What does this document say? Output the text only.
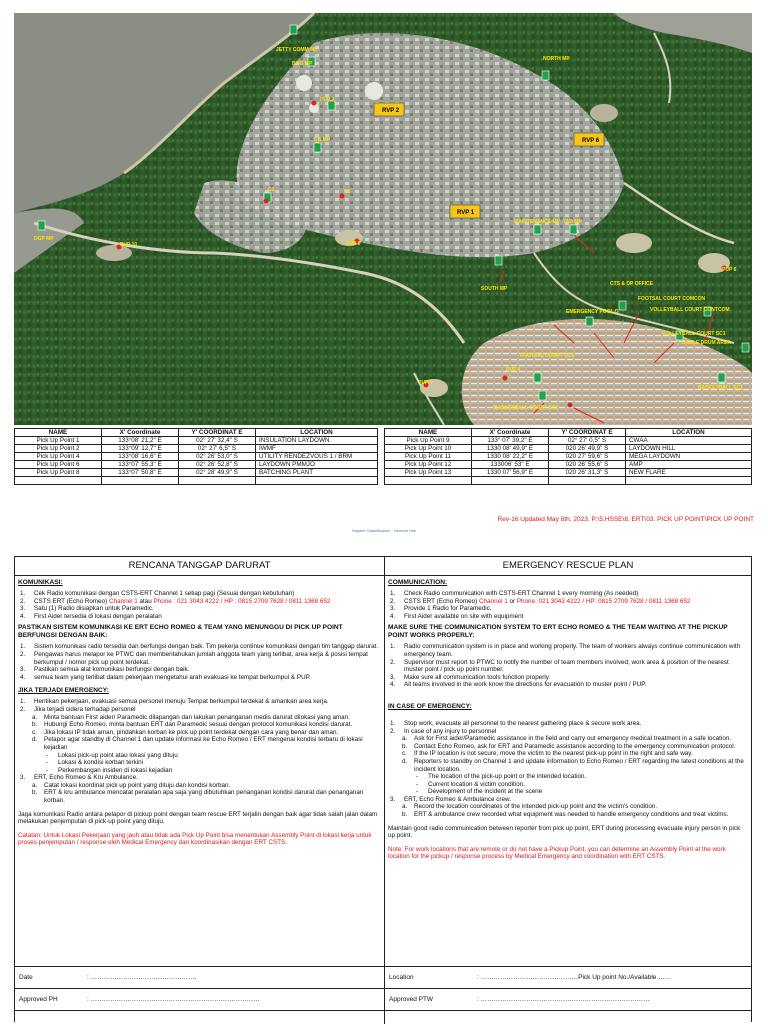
RVP 2
RVP 6
RVP 1
JETTY COMM MP
BOG MP
NORTH MP
PUP 2
CB MP
C1	C2
DGP MP
PUP 10	PUP 9
MAINTENANCE MP TAD MP
SOUTH MP
PUP 6
CTS & DP OFFICE
FOOTSAL COURT COMCON
VOLLEYBALL COURT CONTCOM
EMERGENCY POOL D
VOLLEYBALL COURT SC1
CABLE DRUM AREA
FOOTSAL COURT SC1
PUP 1
PUP 4
BASKETBALL COURT SC1
BASKETBALL SC1
NAME	X' Coordinate	Y' COORDINAT E	LOCATION
Pick Up Point 1	133°08' 21,2" E	02° 27' 32,4" S	INSULATION LAYDOWN
Pick Up Point 2	133°09' 12,7" E	02° 27' 6,5" S	IWMF
Pick Up Point 4	133°08' 16,6" E	02° 26' 53,0" S	UTILITY RENDEZVOUS 1 / BRM
Pick Up Point 6	133°07' 55,3" E	02° 26' 52,8" S	LAYDOWN PMMJO
Pick Up Point 8	133°07' 50,8" E	02° 28' 49,9" S	BATCHING PLANT

NAME	X' Coordinate	Y' COORDINAT E	LOCATION
Pick Up Point 9	133° 07' 39,2" E	02° 27' 0,5" S	CWAA
Pick Up Point 10	1330 08' 49,9" E	020 26' 49,9" S	LAYDOWN HILL
Pick Up Point 11	1330 08' 22,2" E	020 27' 59,6" S	MEGA LAYDOWN
Pick Up Point 12	133006' 53" E	020 26' 55,6" S	AMP
Pick Up Point 13	1330 07' 56,9" E	020 26' 31,3" S	NEW FLARE

Rev-16 Updated May 6th, 2023. P:\5.HSSE\8. ERT\03. PICK UP POINT\PICK UP POINT
Saipem Classification - General Use
RENCANA TANGGAP DARURAT
KOMUNIKASI:
1.	Cek Radio komunikasi dengan CSTS-ERT Channel 1 setiap pagi (Sesuai dengan kebutuhan)
2.	CSTS ERT (Echo Romeo) Channel 1 atau Phone : 021 3043 4222 / HP : 0815 2709 7628 / 0811 1368 652
3.	Satu (1) Radio disiapkan untuk Paramedic.
4.	First Aider tersedia di lokasi dengan peralatan
PASTIKAN SISTEM KOMUNIKASI KE ERT ECHO ROMEO & TEAM YANG MENUNGGU DI PICK UP POINT BERFUNGSI DENGAN BAIK:
1.	Sistem komunikasi radio tersedia dan berfungsi dengan baik. Tim pekerja continue komunikasi dengan tim tanggap darurat.
2.	Pengawas harus melapor ke PTWC dan memberitahukan jumlah anggota team yang terlibat, area kerja & posisi tempat berkumpul / nomor pick up point terdekat.
3.	Pastikan semua alat komunikasi berfungsi dengan baik.
4.	semua team yang terlibat dalam pekerjaan mengetahui arah evakuasi ke tempat berkumpul & PUP.
JIKA TERJADI EMERGENCY:
1.	Hentikan pekerjaan, evakuasi semua personel menuju Tempat berkumpul terdekat & amankan area kerja.
2.	Jika terjadi cidera terhadap personel
a.	Minta bantuan First aider/ Paramedic dilapangan dan lakukan penanganan medis darurat dilokasi yang aman.
b.	Hubungi Echo Romeo, minta bantuan ERT dan Paramedic sesuai dengan protocol komunikasi kondisi darurat.
c.	Jika lokasi IP tidak aman, pindahkan korban ke pick up point terdekat dengan cara yang benar dan aman.
d.	Pelapor agar standby di Channel 1 dan update informasi ke Echo Romeo / ERT mengenai kondisi terbaru di lokasi kejadian
-	Lokasi pick-up point atau lokasi yang dituju
-	Lokasi & kondisi korban terkini
-	Perkembangan insiden di lokasi kejadian
3.	ERT, Echo Romeo & Kru Ambulance.
a.	Catat lokasi koordinat pick up point yang dituju dan kondisi korban.
b.	ERT & kru ambulance mencatat peralatan apa saja yang dibutuhkan penanganan kondisi darurat dan penanganan korban.
Jaga komunikasi Radio antara pelapor di pickup point dengan team rescue ERT terjalin dengan baik agar tidak salah jalan dalam melakukan penjemputan di pick-up point yang dituju.
Catatan: Untuk Lokasi Pekerjaan yang jauh atau tidak ada Pick Up Point bisa menentukan Assembly Point di lokasi kerja untuk proses penjemputan / response oleh Medical Emergency dan koordinasikan dengan ERT CSTS.
EMERGENCY RESCUE PLAN
COMMUNICATION:
1.	Check Radio communication with CSTS-ERT Channel 1 every morning (As needed)
2.	CSTS ERT (Echo Romeo) Channel 1 or Phone: 021 3043 4222 / HP: 0815 2709 7628 / 0811 1368 652
3.	Provide 1 Radio for Paramedic.
4.	First Aider available on site with equipment
MAKE SURE THE COMMUNICATION SYSTEM TO ERT ECHO ROMEO & THE TEAM WAITING AT THE PICKUP POINT WORKS PROPERLY:
1.	Radio communication system is in place and working properly. The team of workers always continue communication with emergency team.
2.	Supervisor must report to PTWC to notify the number of team members involved; work area & position of the nearest muster point / pick up point number.
3.	Make sure all communication tools function properly.
4.	All teams involved in the work know the directions for evacuation to muster point / PUP.
IN CASE OF EMERGENCY:
1.	Stop work, evacuate all personnel to the nearest gathering place & secure work area.
2.	In case of any injury to personnel
a.	Ask for First aider/Paramedic assistance in the field and carry out emergency medical treatment in a safe location.
b.	Contact Echo Romeo, ask for ERT and Paramedic assistance according to the emergency communication protocol.
c.	If the IP location is not secure, move the victim to the nearest pick-up point in the right and safe way.
d.	Reporters to standby on Channel 1 and update information to Echo Romeo / ERT regarding the latest conditions at the incident location.
-	The location of the pick-up point or the intended location.
-	Current location & victim condition.
-	Development of the incident at the scene
3.	ERT, Echo Romeo & Ambulance crew.
a.	Record the location coordinates of the intended pick-up point and the victim's condition.
b.	ERT & ambulance crew recorded what equipment was needed to handle emergency conditions and treat victims.
Maintain good radio communication between reporter from pick up point, ERT during processing evacuate injury person in pick up point.
Note: For work locations that are remote or do not have a Pickup Point, you can determine an Assembly Point at the work location for the pickup / response process by Medical Emergency and coordination with ERT CSTS.
Date	: ………………………………………….	Location	: ………………………………………Pick Up point No./Available ……
Approved PH	: ……………………………………………………………………	Approved PTW	: ……………………………………………………………………
